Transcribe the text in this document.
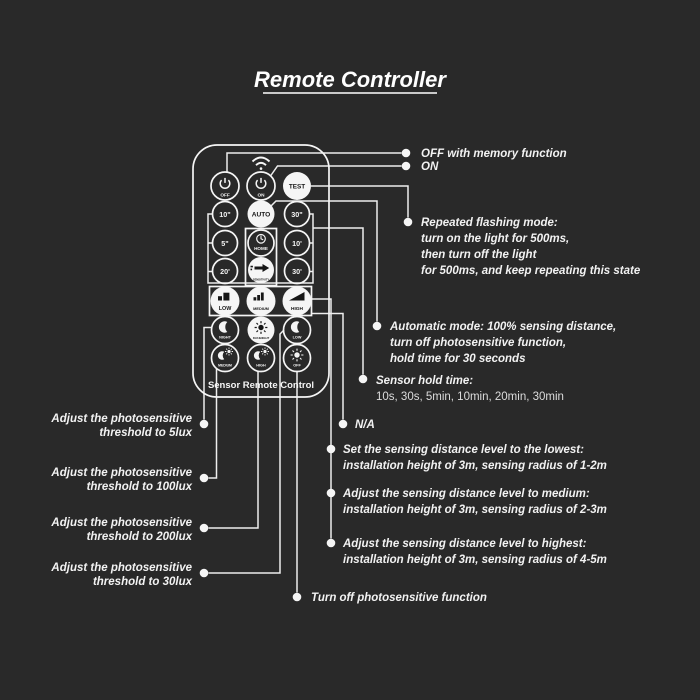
Remote Controller
OFF	ON
TEST
10"	AUTO	30"
5"
HOME
10'
20'
SENSITIVITY
30'
LOW	MEDIUM	HIGH
NIGHT	DAY&NIGHT	LOW
MEDIUM	HIGH	OFF
Sensor Remote Control
OFF with memory function
ON
Repeated flashing mode:
turn on the light for 500ms,
then turn off the light
for 500ms, and keep repeating this state
Automatic mode: 100% sensing distance,
turn off photosensitive function,
hold time for 30 seconds
Sensor hold time:
10s, 30s, 5min, 10min, 20min, 30min
N/A
Set the sensing distance level to the lowest:
installation height of 3m, sensing radius of 1-2m
Adjust the sensing distance level to medium:
installation height of 3m, sensing radius of 2-3m
Adjust the sensing distance level to highest:
installation height of 3m, sensing radius of 4-5m
Turn off photosensitive function
Adjust the photosensitive
threshold to 5lux
Adjust the photosensitive
threshold to 100lux
Adjust the photosensitive
threshold to 200lux
Adjust the photosensitive
threshold to 30lux
